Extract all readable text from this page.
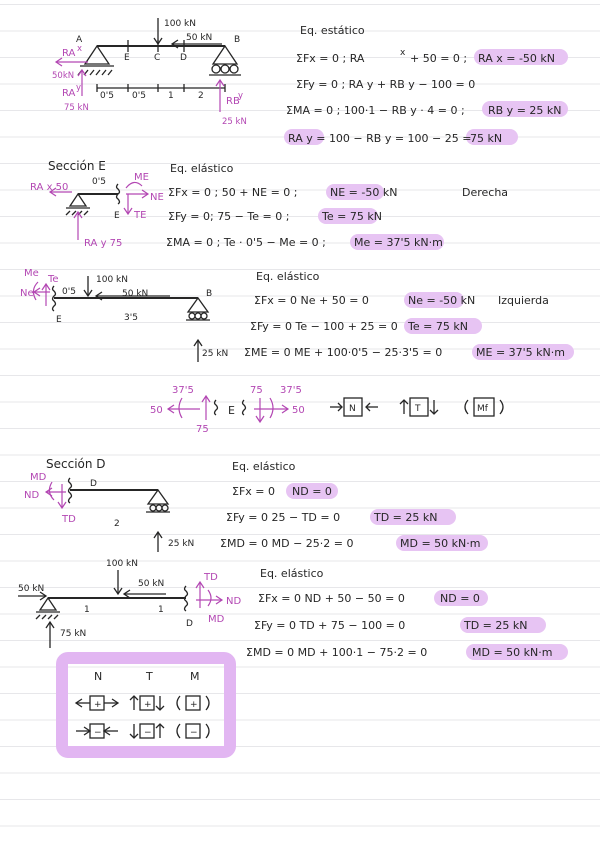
100 kN
50 kN
A	B
E	C D
0'5 0'5 1	2
RA x
50kN
RA y
75 kN
RB
y
25 kN
Eq. estático
ΣFx = 0 ; RA	x + 50 = 0 ; RA x = -50 kN
ΣFy = 0 ; RA y + RB y − 100 = 0
ΣMA = 0 ; 100·1 − RB y · 4 = 0 ; RB y = 25 kN
RA y = 100 − RB y = 100 − 25 =
75 kN
Sección E
0'5
E
RA x 50
RA y 75
NE
TE
ME
Eq. elástico
Derecha
ΣFx = 0 ; 50 + NE = 0 ;	NE = -50 kN
ΣFy = 0; 75 − Te = 0 ;	Te = 75 kN
ΣMA = 0 ; Te · 0'5 − Me = 0 ;	Me = 37'5 kN·m
100 kN
50 kN
0'5
3'5
E
B
25 kN
Me
Te
Ne
Eq. elástico
Izquierda
ΣFx = 0 Ne + 50 = 0	Ne = -50 kN
ΣFy = 0 Te − 100 + 25 = 0 Te = 75 kN
ΣME = 0 ME + 100·0'5 − 25·3'5 = 0	ME = 37'5 kN·m
37'5
50
75
E
75 37'5
50	N	T	Mf
Sección D
D
2
25 kN
MD
ND
TD
Eq. elástico
ΣFx = 0 ND = 0
ΣFy = 0 25 − TD = 0	TD = 25 kN
ΣMD = 0 MD − 25·2 = 0	MD = 50 kN·m
50 kN
100 kN
50 kN
1	1
D
75 kN
TD
ND
MD
Eq. elástico
ΣFx = 0 ND + 50 − 50 = 0	ND = 0
ΣFy = 0 TD + 75 − 100 = 0	TD = 25 kN
ΣMD = 0 MD + 100·1 − 75·2 = 0	MD = 50 kN·m
N	T	M
+	+	+
−	−	−
